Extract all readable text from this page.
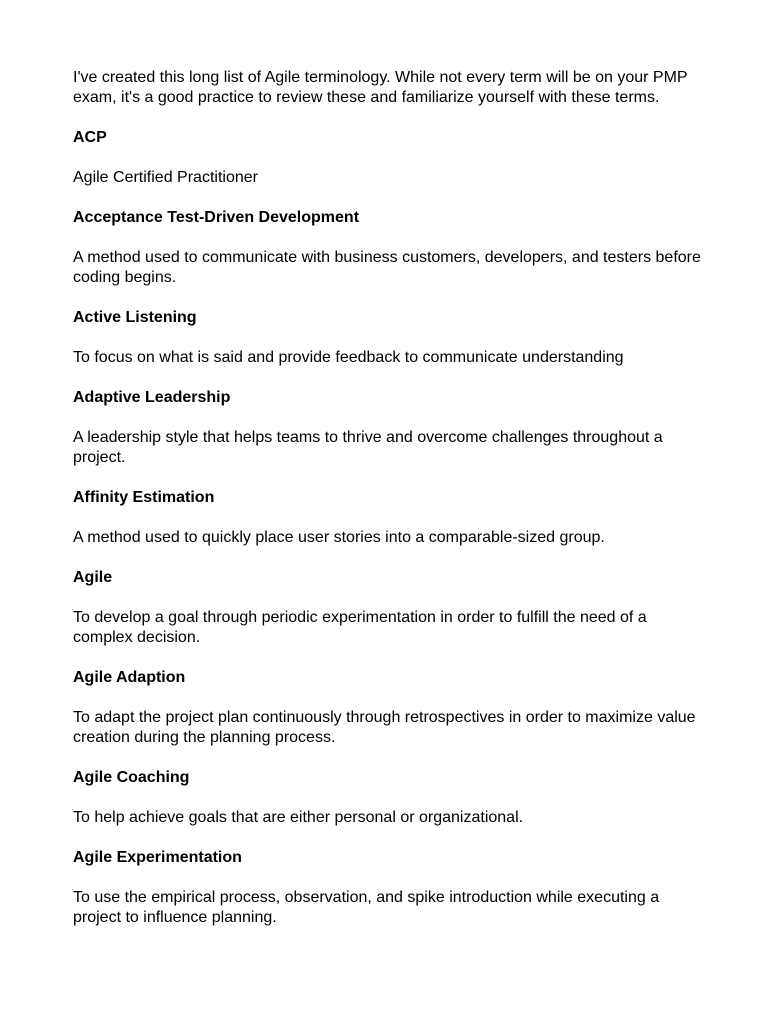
I've created this long list of Agile terminology. While not every term will be on your PMP exam, it's a good practice to review these and familiarize yourself with these terms.

ACP

Agile Certified Practitioner

Acceptance Test-Driven Development

A method used to communicate with business customers, developers, and testers before coding begins.

Active Listening

To focus on what is said and provide feedback to communicate understanding

Adaptive Leadership

A leadership style that helps teams to thrive and overcome challenges throughout a project.

Affinity Estimation

A method used to quickly place user stories into a comparable-sized group.

Agile

To develop a goal through periodic experimentation in order to fulfill the need of a complex decision.

Agile Adaption

To adapt the project plan continuously through retrospectives in order to maximize value creation during the planning process.

Agile Coaching

To help achieve goals that are either personal or organizational.

Agile Experimentation

To use the empirical process, observation, and spike introduction while executing a project to influence planning.
